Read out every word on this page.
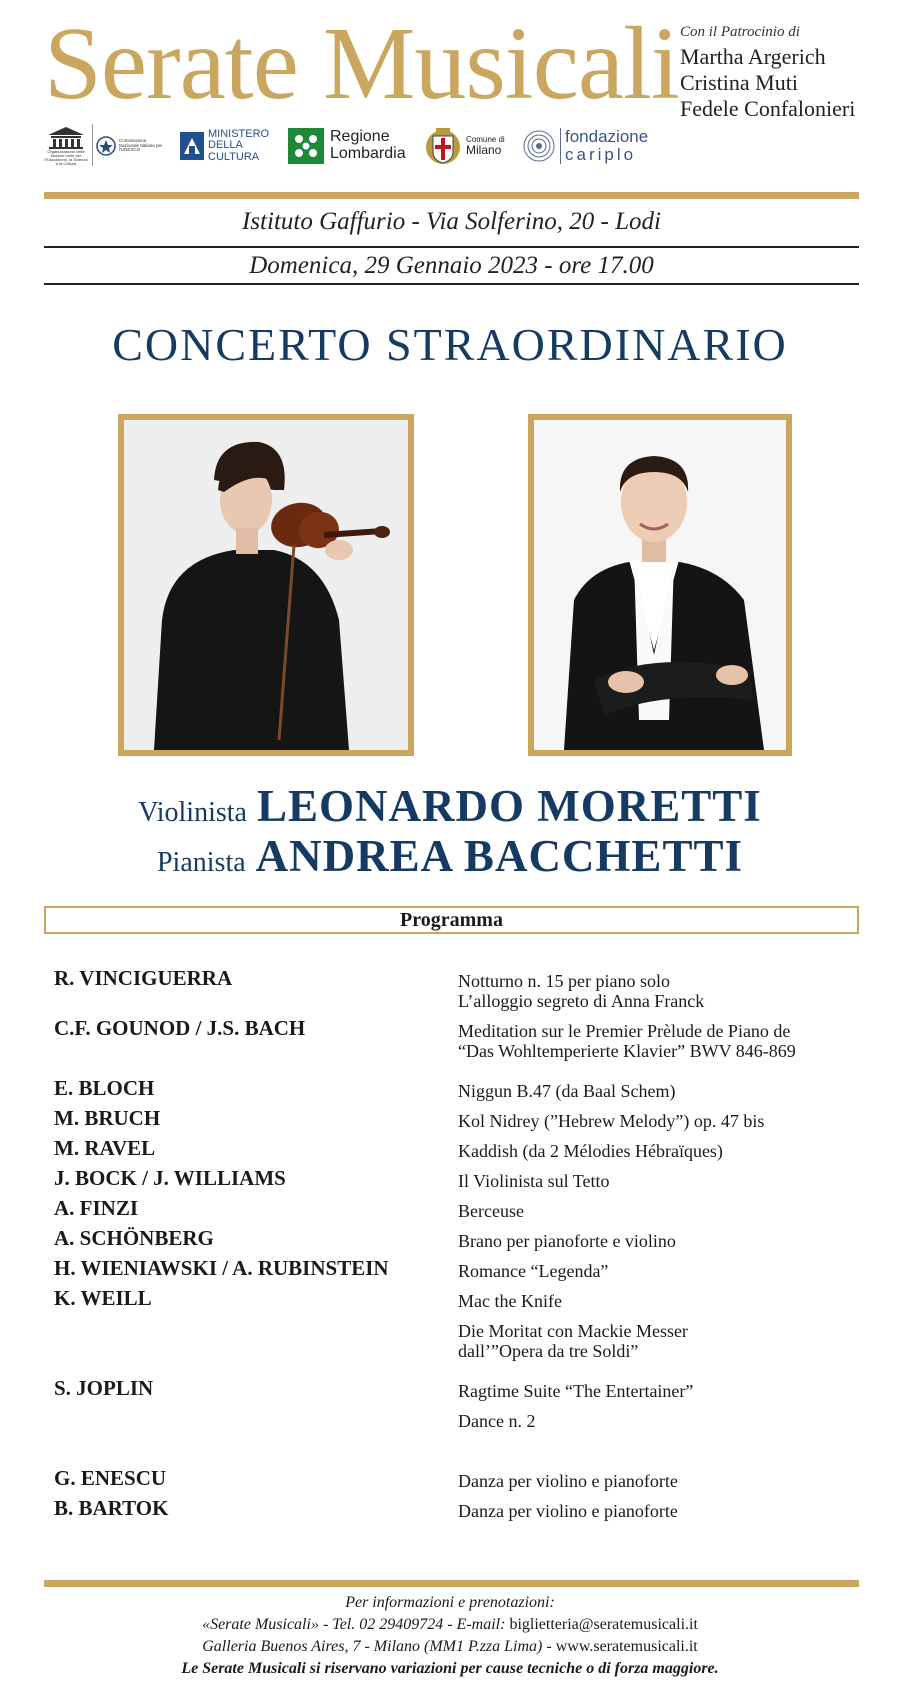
Serate Musicali Con il Patrocinio di
Martha Argerich
Cristina Muti
Fedele Confalonieri
Organizzazione delle Nazioni Unite per l'Educazione, la Scienza e la Cultura
Commissione Nazionale Italiana per l'UNESCO
MINISTERO
DELLA
CULTURA
Regione
Lombardia
Comune di
Milano
fondazione
cariplo
Istituto Gaffurio - Via Solferino, 20 - Lodi
Domenica, 29 Gennaio 2023 - ore 17.00
CONCERTO STRAORDINARIO
Violinista LEONARDO MORETTI
Pianista ANDREA BACCHETTI
Programma
R. VINCIGUERRA	Notturno n. 15 per piano solo
L’alloggio segreto di Anna Franck
C.F. GOUNOD / J.S. BACH	Meditation sur le Premier Prèlude de Piano de
“Das Wohltemperierte Klavier” BWV 846-869
E. BLOCH	Niggun B.47 (da Baal Schem)
M. BRUCH	Kol Nidrey (”Hebrew Melody”) op. 47 bis
M. RAVEL	Kaddish (da 2 Mélodies Hébraïques)
J. BOCK / J. WILLIAMS	Il Violinista sul Tetto
A. FINZI	Berceuse
A. SCHÖNBERG	Brano per pianoforte e violino
H. WIENIAWSKI / A. RUBINSTEIN	Romance “Legenda”
K. WEILL	Mac the Knife
Die Moritat con Mackie Messer
dall’”Opera da tre Soldi”
S. JOPLIN	Ragtime Suite “The Entertainer”
Dance n. 2
G. ENESCU	Danza per violino e pianoforte
B. BARTOK	Danza per violino e pianoforte
Per informazioni e prenotazioni:
«Serate Musicali» - Tel. 02 29409724 - E-mail: biglietteria@seratemusicali.it
Galleria Buenos Aires, 7 - Milano (MM1 P.zza Lima) - www.seratemusicali.it
Le Serate Musicali si riservano variazioni per cause tecniche o di forza maggiore.
